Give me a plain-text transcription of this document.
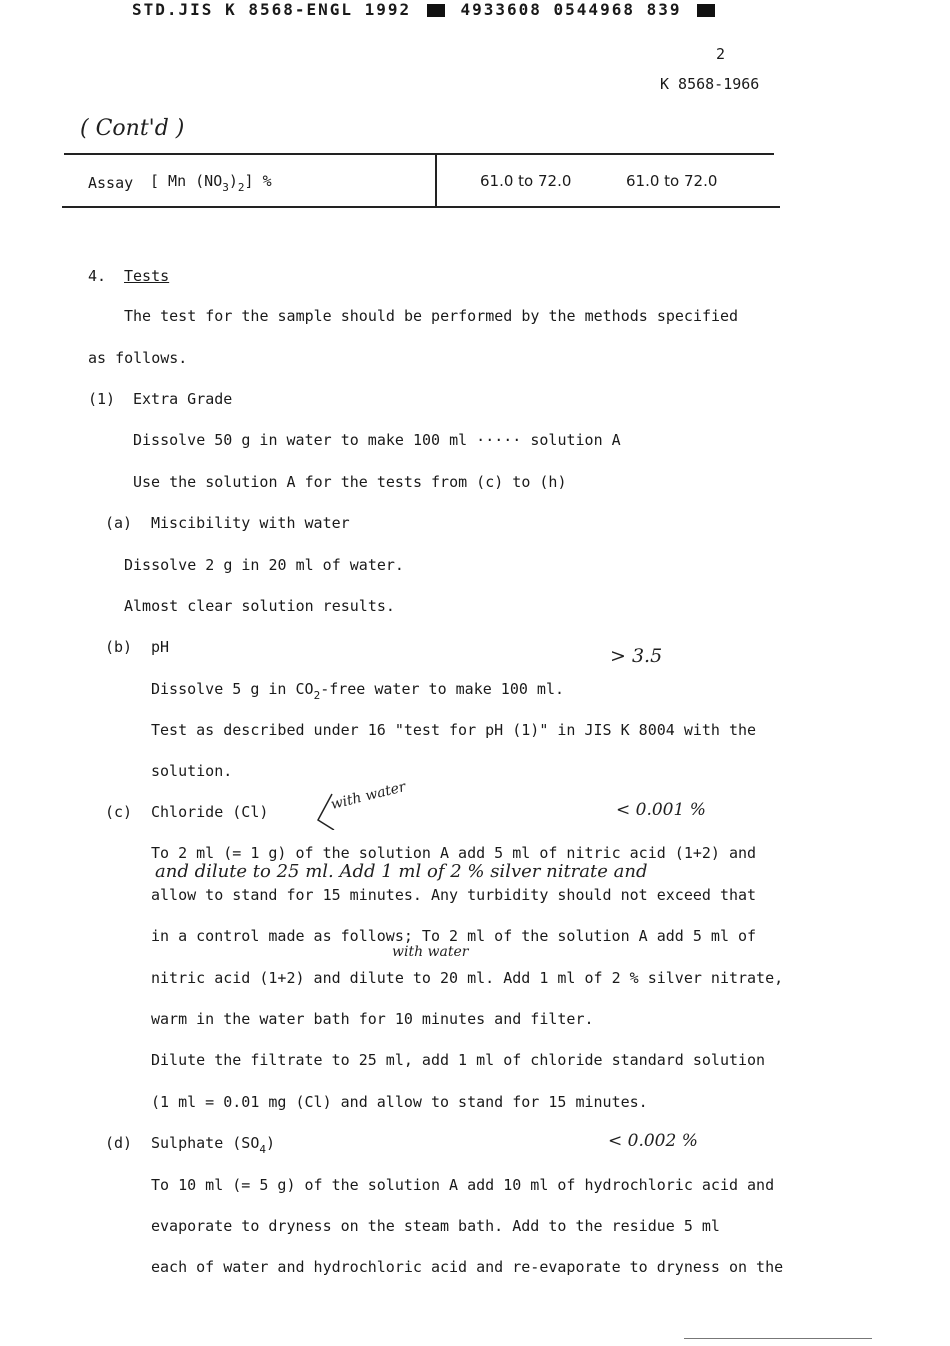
STD.JIS K 8568-ENGL 1992	4933608 0544968 839
2
K 8568-1966
( Cont'd )
Assay [ Mn $(NO_3)_2$] %	61.0 to 72.0	61.0 to 72.0
4. Tests
The test for the sample should be performed by the methods specified
as follows.
(1) Extra Grade
Dissolve 50 g in water to make 100 ml ····· solution A
Use the solution A for the tests from (c) to (h)
(a) Miscibility with water
Dissolve 2 g in 20 ml of water.
Almost clear solution results.
(b) pH	> 3.5
Dissolve 5 g in $CO_2$-free water to make 100 ml.
Test as described under 16 "test for pH (1)" in JIS K 8004 with the
solution.
(c) Chloride (Cl)	with water	< 0.001 %
To 2 ml (= 1 g) of the solution A add 5 ml of nitric acid (1+2) and
and dilute to 25 ml. Add 1 ml of 2 % silver nitrate and
allow to stand for 15 minutes. Any turbidity should not exceed that
in a control made as follows; To 2 ml of the solution A add 5 ml of
with water
nitric acid (1+2) and dilute to 20 ml. Add 1 ml of 2 % silver nitrate,
warm in the water bath for 10 minutes and filter.
Dilute the filtrate to 25 ml, add 1 ml of chloride standard solution
(1 ml = 0.01 mg (Cl) and allow to stand for 15 minutes.
(d) Sulphate $(SO_4)$	< 0.002 %
To 10 ml (= 5 g) of the solution A add 10 ml of hydrochloric acid and
evaporate to dryness on the steam bath. Add to the residue 5 ml
each of water and hydrochloric acid and re-evaporate to dryness on the
